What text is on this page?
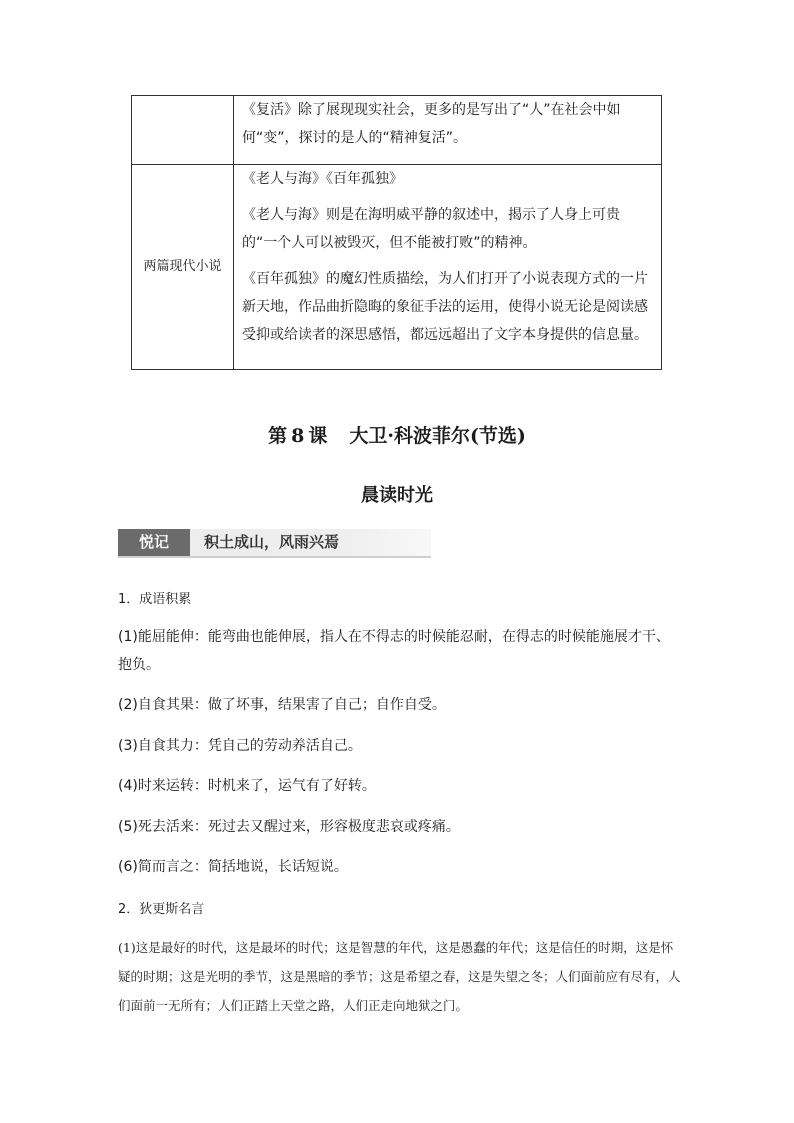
	《复活》除了展现现实社会，更多的是写出了“人”在社会中如何“变”，探讨的是人的“精神复活”。

两篇现代小说	《老人与海》《百年孤独》

《老人与海》则是在海明威平静的叙述中，揭示了人身上可贵的“一个人可以被毁灭，但不能被打败”的精神。

《百年孤独》的魔幻性质描绘，为人们打开了小说表现方式的一片新天地，作品曲折隐晦的象征手法的运用，使得小说无论是阅读感受抑或给读者的深思感悟，都远远超出了文字本身提供的信息量。

第 8 课 大卫·科波菲尔(节选)
晨读时光
悦记	积土成山，风雨兴焉
1．成语积累
(1)能屈能伸：能弯曲也能伸展，指人在不得志的时候能忍耐，在得志的时候能施展才干、抱负。
(2)自食其果：做了坏事，结果害了自己；自作自受。
(3)自食其力：凭自己的劳动养活自己。
(4)时来运转：时机来了，运气有了好转。
(5)死去活来：死过去又醒过来，形容极度悲哀或疼痛。
(6)简而言之：简括地说，长话短说。
2．狄更斯名言
(1)这是最好的时代，这是最坏的时代；这是智慧的年代，这是愚蠢的年代；这是信任的时期，这是怀疑的时期；这是光明的季节，这是黑暗的季节；这是希望之春，这是失望之冬；人们面前应有尽有，人们面前一无所有；人们正踏上天堂之路，人们正走向地狱之门。
